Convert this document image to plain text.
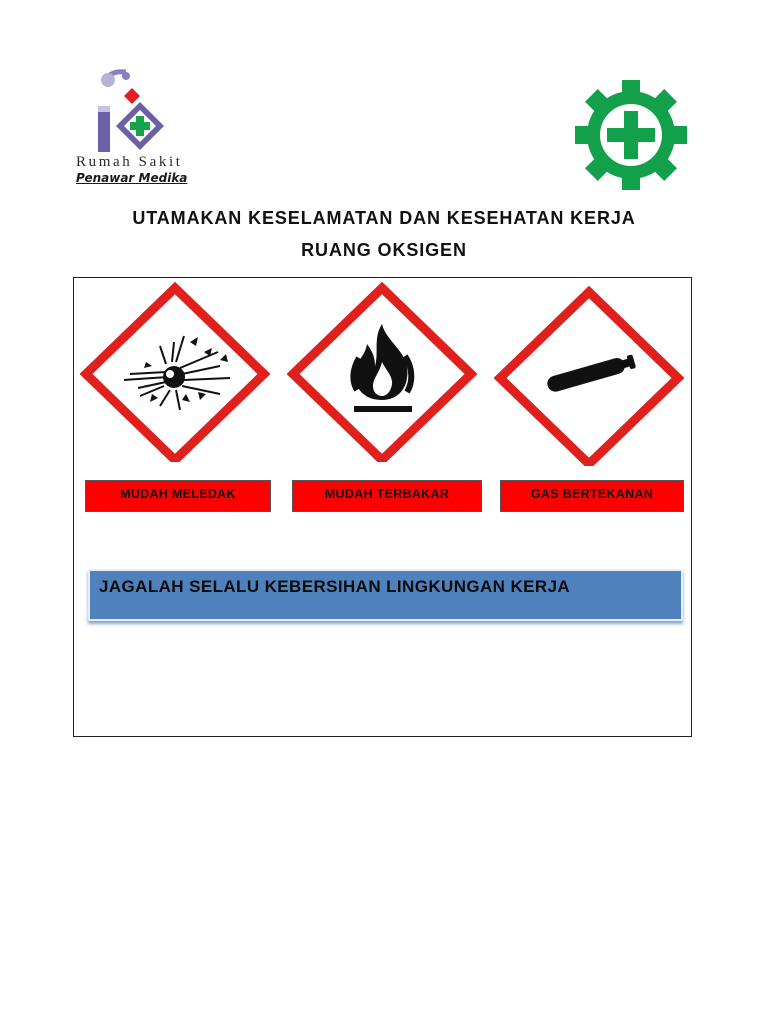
Rumah Sakit
Penawar Medika
UTAMAKAN KESELAMATAN DAN KESEHATAN KERJA
RUANG OKSIGEN
MUDAH MELEDAK	MUDAH TERBAKAR	GAS BERTEKANAN
JAGALAH SELALU KEBERSIHAN LINGKUNGAN KERJA
